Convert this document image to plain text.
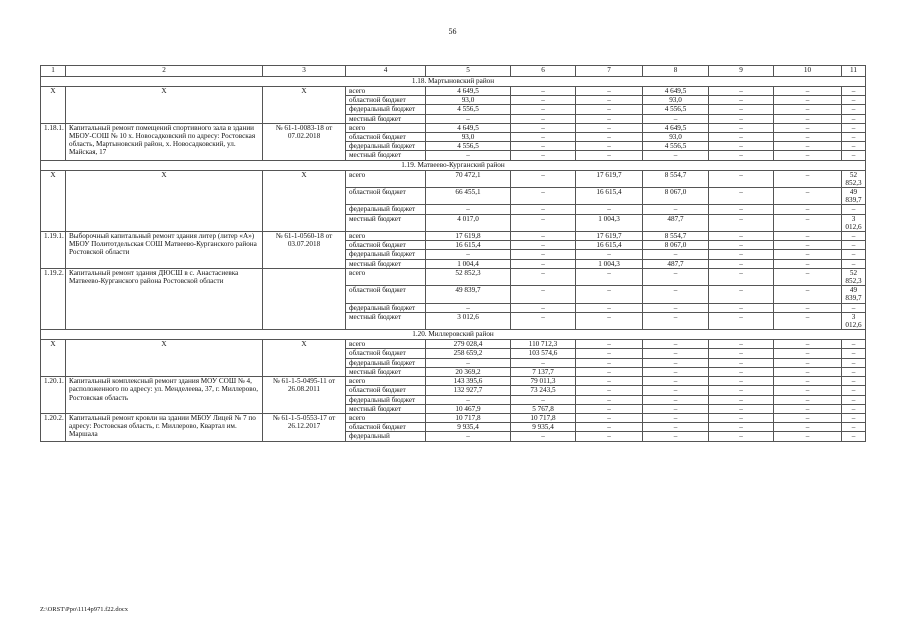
56
1	2	3	4	5	6	7	8	9	10	11
1.18. Мартыновский район										
Х	Х	Х	всего	4 649,5	–	–	4 649,5	–	–	–
			областной бюджет	93,0	–	–	93,0	–	–	–
			федеральный бюджет	4 556,5	–	–	4 556,5	–	–	–
			местный бюджет	–	–	–	–	–	–	–
1.18.1.	Капитальный ремонт помещений спортивного зала в здании МБОУ-СОШ № 10 х. Новосадковский по адресу: Ростовская область, Мартыновский район, х. Новосадковский, ул. Майская, 17	№ 61-1-0083-18 от 07.02.2018	всего	4 649,5	–	–	4 649,5	–	–	–
			областной бюджет	93,0	–	–	93,0	–	–	–
			федеральный бюджет	4 556,5	–	–	4 556,5	–	–	–
			местный бюджет	–	–	–	–	–	–	–
1.19. Матвеево-Курганский район										
Х	Х	Х	всего	70 472,1	–	17 619,7	8 554,7	–	–	52 852,3
			областной бюджет	66 455,1	–	16 615,4	8 067,0	–	–	49 839,7
			федеральный бюджет	–	–	–	–	–	–	–
			местный бюджет	4 017,0	–	1 004,3	487,7	–	–	3 012,6
1.19.1.	Выборочный капитальный ремонт здания литер (литер «А») МБОУ Политотдельская СОШ Матвеево-Курганского района Ростовской области	№ 61-1-0560-18 от 03.07.2018	всего	17 619,8	–	17 619,7	8 554,7	–	–	–
			областной бюджет	16 615,4	–	16 615,4	8 067,0	–	–	–
			федеральный бюджет	–	–	–	–	–	–	–
			местный бюджет	1 004,4	–	1 004,3	487,7	–	–	–
1.19.2.	Капитальный ремонт здания ДЮСШ в с. Анастасиевка Матвеево-Курганского района Ростовской области		всего	52 852,3	–	–	–	–	–	52 852,3
			областной бюджет	49 839,7	–	–	–	–	–	49 839,7
			федеральный бюджет	–	–	–	–	–	–	–
			местный бюджет	3 012,6	–	–	–	–	–	3 012,6
1.20. Миллеровский район										
Х	Х	Х	всего	279 028,4	110 712,3	–	–	–	–	–
			областной бюджет	258 659,2	103 574,6	–	–	–	–	–
			федеральный бюджет	–	–	–	–	–	–	–
			местный бюджет	20 369,2	7 137,7	–	–	–	–	–
1.20.1.	Капитальный комплексный ремонт здания МОУ СОШ № 4, расположенного по адресу: ул. Менделеева, 37, г. Миллерово, Ростовская область	№ 61-1-5-0495-11 от 26.08.2011	всего	143 395,6	79 011,3	–	–	–	–	–
			областной бюджет	132 927,7	73 243,5	–	–	–	–	–
			федеральный бюджет	–	–	–	–	–	–	–
			местный бюджет	10 467,9	5 767,8	–	–	–	–	–
1.20.2.	Капитальный ремонт кровли на здании МБОУ Лицей № 7 по адресу: Ростовская область, г. Миллерово, Квартал им. Маршала	№ 61-1-5-0553-17 от 26.12.2017	всего	10 717,8	10 717,8	–	–	–	–	–
			областной бюджет	9 935,4	9 935,4	–	–	–	–	–
			федеральный	–	–	–	–	–	–	–
Z:\ORST\Ppo\1114p971.f22.docx
